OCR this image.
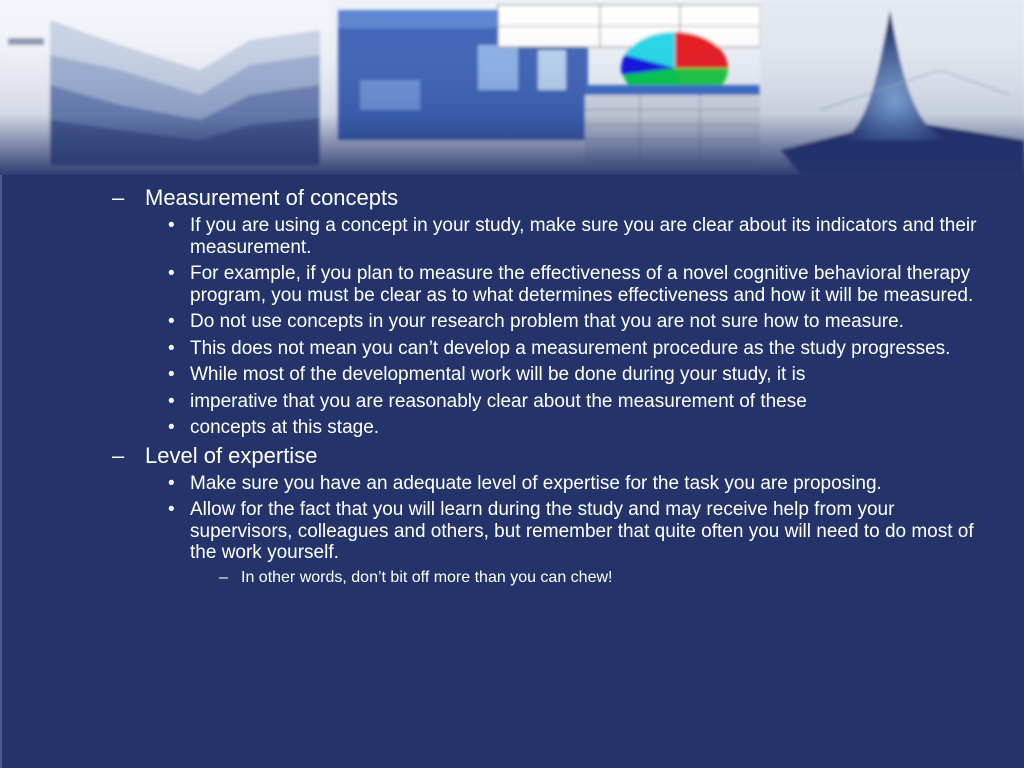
– Measurement of concepts
• If you are using a concept in your study, make sure you are clear about its indicators and their measurement.
• For example, if you plan to measure the effectiveness of a novel cognitive behavioral therapy program, you must be clear as to what determines effectiveness and how it will be measured.
• Do not use concepts in your research problem that you are not sure how to measure.
• This does not mean you can’t develop a measurement procedure as the study progresses.
• While most of the developmental work will be done during your study, it is
• imperative that you are reasonably clear about the measurement of these
• concepts at this stage.
– Level of expertise
• Make sure you have an adequate level of expertise for the task you are proposing.
• Allow for the fact that you will learn during the study and may receive help from your supervisors, colleagues and others, but remember that quite often you will need to do most of the work yourself.
– In other words, don’t bit off more than you can chew!
